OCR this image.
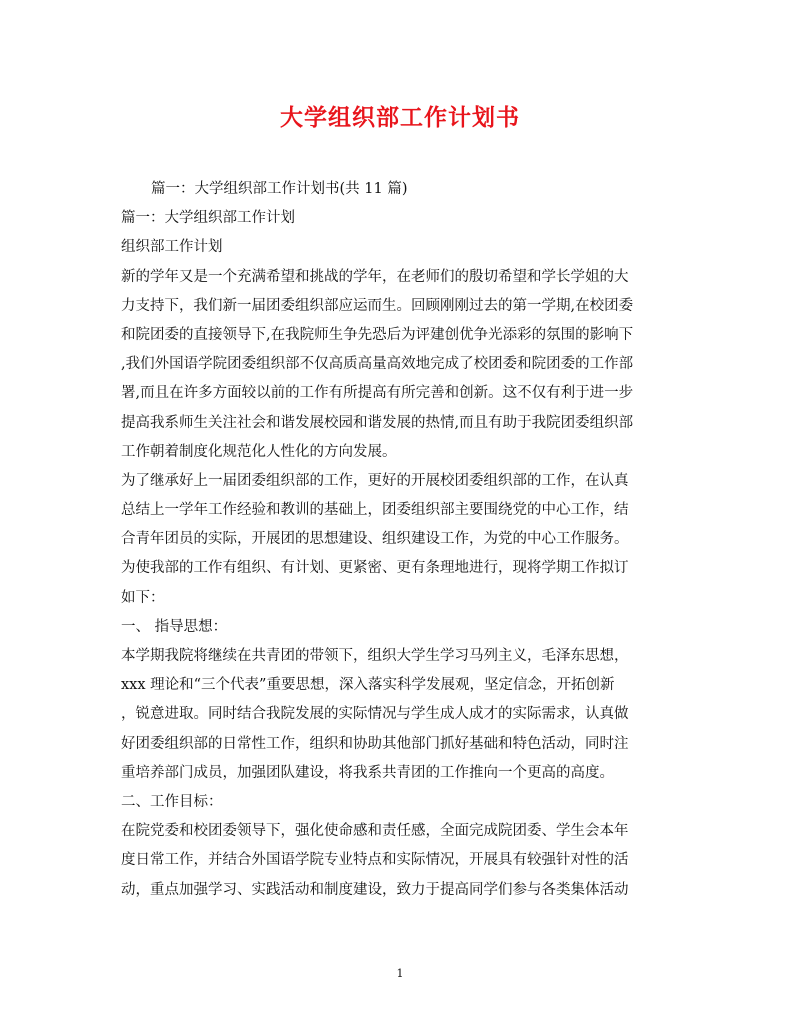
大学组织部工作计划书
篇一：大学组织部工作计划书(共 11 篇)
篇一：大学组织部工作计划
组织部工作计划
新的学年又是一个充满希望和挑战的学年，在老师们的殷切希望和学长学姐的大
力支持下，我们新一届团委组织部应运而生。回顾刚刚过去的第一学期,在校团委
和院团委的直接领导下,在我院师生争先恐后为评建创优争光添彩的氛围的影响下
,我们外国语学院团委组织部不仅高质高量高效地完成了校团委和院团委的工作部
署,而且在许多方面较以前的工作有所提高有所完善和创新。这不仅有利于进一步
提高我系师生关注社会和谐发展校园和谐发展的热情,而且有助于我院团委组织部
工作朝着制度化规范化人性化的方向发展。
为了继承好上一届团委组织部的工作，更好的开展校团委组织部的工作，在认真
总结上一学年工作经验和教训的基础上，团委组织部主要围绕党的中心工作，结
合青年团员的实际，开展团的思想建设、组织建设工作，为党的中心工作服务。
为使我部的工作有组织、有计划、更紧密、更有条理地进行，现将学期工作拟订
如下：
一、 指导思想：
本学期我院将继续在共青团的带领下，组织大学生学习马列主义，毛泽东思想，
xxx 理论和“三个代表”重要思想，深入落实科学发展观，坚定信念，开拓创新
，锐意进取。同时结合我院发展的实际情况与学生成人成才的实际需求，认真做
好团委组织部的日常性工作，组织和协助其他部门抓好基础和特色活动，同时注
重培养部门成员，加强团队建设，将我系共青团的工作推向一个更高的高度。
二、工作目标：
在院党委和校团委领导下，强化使命感和责任感，全面完成院团委、学生会本年
度日常工作，并结合外国语学院专业特点和实际情况，开展具有较强针对性的活
动，重点加强学习、实践活动和制度建设，致力于提高同学们参与各类集体活动
1
